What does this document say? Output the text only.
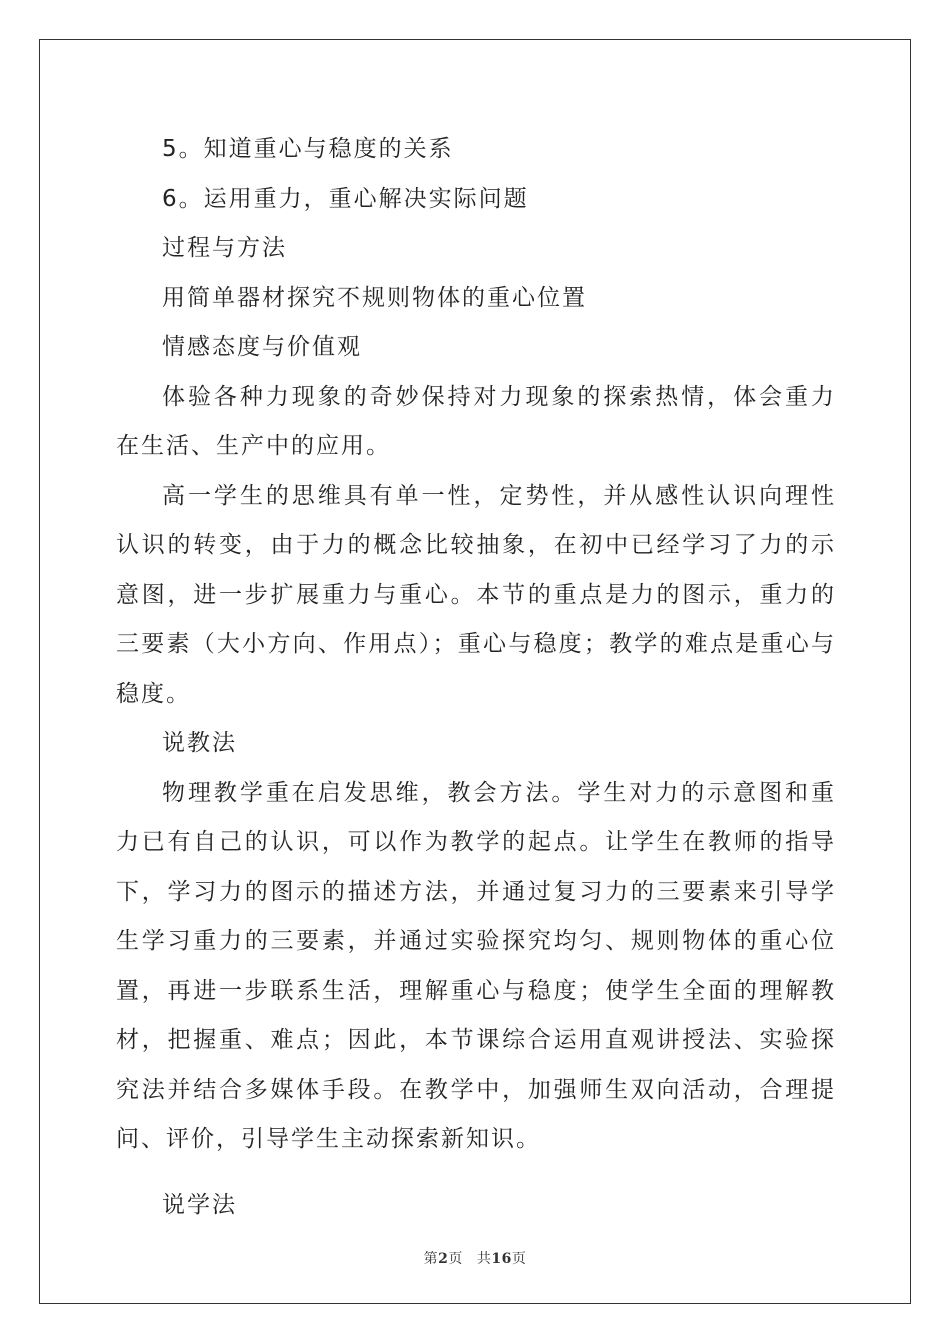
5。知道重心与稳度的关系

6。运用重力，重心解决实际问题

过程与方法

用简单器材探究不规则物体的重心位置

情感态度与价值观

体验各种力现象的奇妙保持对力现象的探索热情，体会重力在生活、生产中的应用。

高一学生的思维具有单一性，定势性，并从感性认识向理性认识的转变，由于力的概念比较抽象，在初中已经学习了力的示意图，进一步扩展重力与重心。本节的重点是力的图示，重力的三要素（大小方向、作用点）；重心与稳度；教学的难点是重心与稳度。

说教法

物理教学重在启发思维，教会方法。学生对力的示意图和重力已有自己的认识，可以作为教学的起点。让学生在教师的指导下，学习力的图示的描述方法，并通过复习力的三要素来引导学生学习重力的三要素，并通过实验探究均匀、规则物体的重心位置，再进一步联系生活，理解重心与稳度；使学生全面的理解教材，把握重、难点；因此，本节课综合运用直观讲授法、实验探究法并结合多媒体手段。在教学中，加强师生双向活动，合理提问、评价，引导学生主动探索新知识。

说学法

第2页 共16页
